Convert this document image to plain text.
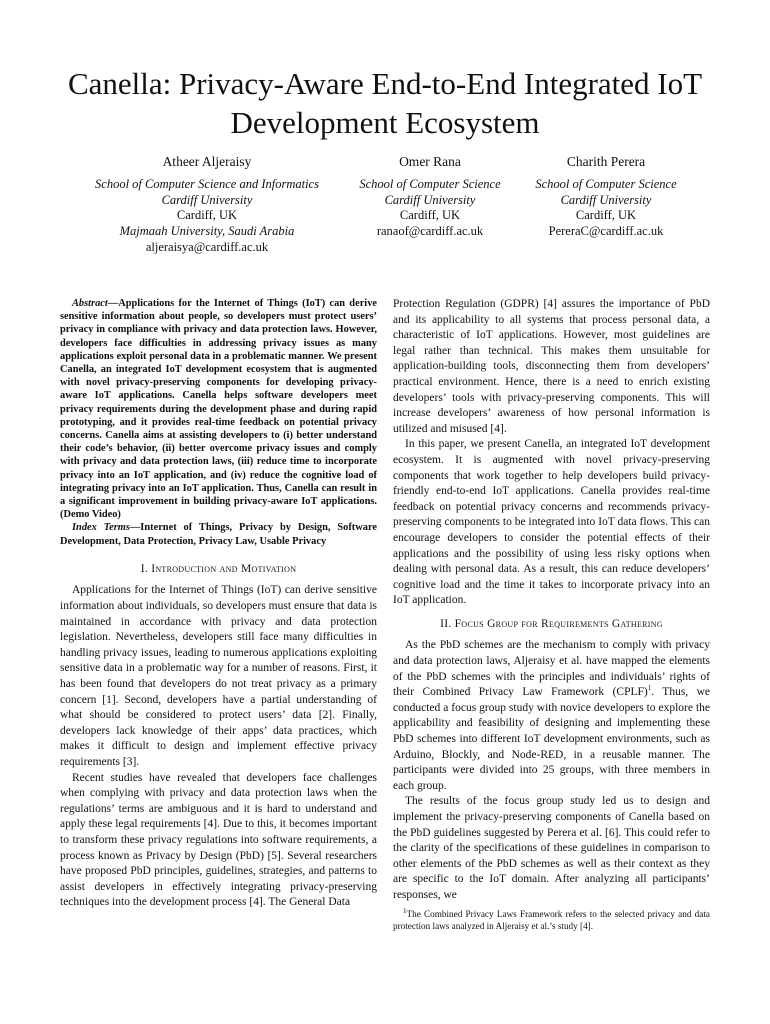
Canella: Privacy-Aware End-to-End Integrated IoT Development Ecosystem
Atheer Aljeraisy
School of Computer Science and Informatics
Cardiff University
Cardiff, UK
Majmaah University, Saudi Arabia
aljeraisya@cardiff.ac.uk
Omer Rana
School of Computer Science
Cardiff University
Cardiff, UK
ranaof@cardiff.ac.uk
Charith Perera
School of Computer Science
Cardiff University
Cardiff, UK
PereraC@cardiff.ac.uk

Abstract—Applications for the Internet of Things (IoT) can derive sensitive information about people, so developers must protect users’ privacy in compliance with privacy and data protection laws. However, developers face difficulties in addressing privacy issues as many applications exploit personal data in a problematic manner. We present Canella, an integrated IoT development ecosystem that is augmented with novel privacy-preserving components for developing privacy-aware IoT applications. Canella helps software developers meet privacy requirements during the development phase and during rapid prototyping, and it provides real-time feedback on potential privacy concerns. Canella aims at assisting developers to (i) better understand their code’s behavior, (ii) better overcome privacy issues and comply with privacy and data protection laws, (iii) reduce time to incorporate privacy into an IoT application, and (iv) reduce the cognitive load of integrating privacy into an IoT application. Thus, Canella can result in a significant improvement in building privacy-aware IoT applications. (Demo Video)

Index Terms—Internet of Things, Privacy by Design, Software Development, Data Protection, Privacy Law, Usable Privacy

I. Introduction and Motivation

Applications for the Internet of Things (IoT) can derive sensitive information about individuals, so developers must ensure that data is maintained in accordance with privacy and data protection legislation. Nevertheless, developers still face many difficulties in handling privacy issues, leading to numerous applications exploiting sensitive data in a problematic way for a number of reasons. First, it has been found that developers do not treat privacy as a primary concern [1]. Second, developers have a partial understanding of what should be considered to protect users’ data [2]. Finally, developers lack knowledge of their apps’ data practices, which makes it difficult to design and implement effective privacy requirements [3].

Recent studies have revealed that developers face challenges when complying with privacy and data protection laws when the regulations’ terms are ambiguous and it is hard to understand and apply these legal requirements [4]. Due to this, it becomes important to transform these privacy regulations into software requirements, a process known as Privacy by Design (PbD) [5]. Several researchers have proposed PbD principles, guidelines, strategies, and patterns to assist developers in effectively integrating privacy-preserving techniques into the development process [4]. The General Data

Protection Regulation (GDPR) [4] assures the importance of PbD and its applicability to all systems that process personal data, a characteristic of IoT applications. However, most guidelines are legal rather than technical. This makes them unsuitable for application-building tools, disconnecting them from developers’ practical environment. Hence, there is a need to enrich existing developers’ tools with privacy-preserving components. This will increase developers’ awareness of how personal information is utilized and misused [4].

In this paper, we present Canella, an integrated IoT development ecosystem. It is augmented with novel privacy-preserving components that work together to help developers build privacy-friendly end-to-end IoT applications. Canella provides real-time feedback on potential privacy concerns and recommends privacy-preserving components to be integrated into IoT data flows. This can encourage developers to consider the potential effects of their applications and the possibility of using less risky options when dealing with personal data. As a result, this can reduce developers’ cognitive load and the time it takes to incorporate privacy into an IoT application.

II. Focus Group for Requirements Gathering

As the PbD schemes are the mechanism to comply with privacy and data protection laws, Aljeraisy et al. have mapped the elements of the PbD schemes with the principles and individuals’ rights of their Combined Privacy Law Framework (CPLF)$^1$. Thus, we conducted a focus group study with novice developers to explore the applicability and feasibility of designing and implementing these PbD schemes into different IoT development environments, such as Arduino, Blockly, and Node-RED, in a reusable manner. The participants were divided into 25 groups, with three members in each group.

The results of the focus group study led us to design and implement the privacy-preserving components of Canella based on the PbD guidelines suggested by Perera et al. [6]. This could refer to the clarity of the specifications of these guidelines in comparison to other elements of the PbD schemes as well as their context as they are specific to the IoT domain. After analyzing all participants’ responses, we

$^1$The Combined Privacy Laws Framework refers to the selected privacy and data protection laws analyzed in Aljeraisy et al.’s study [4].
